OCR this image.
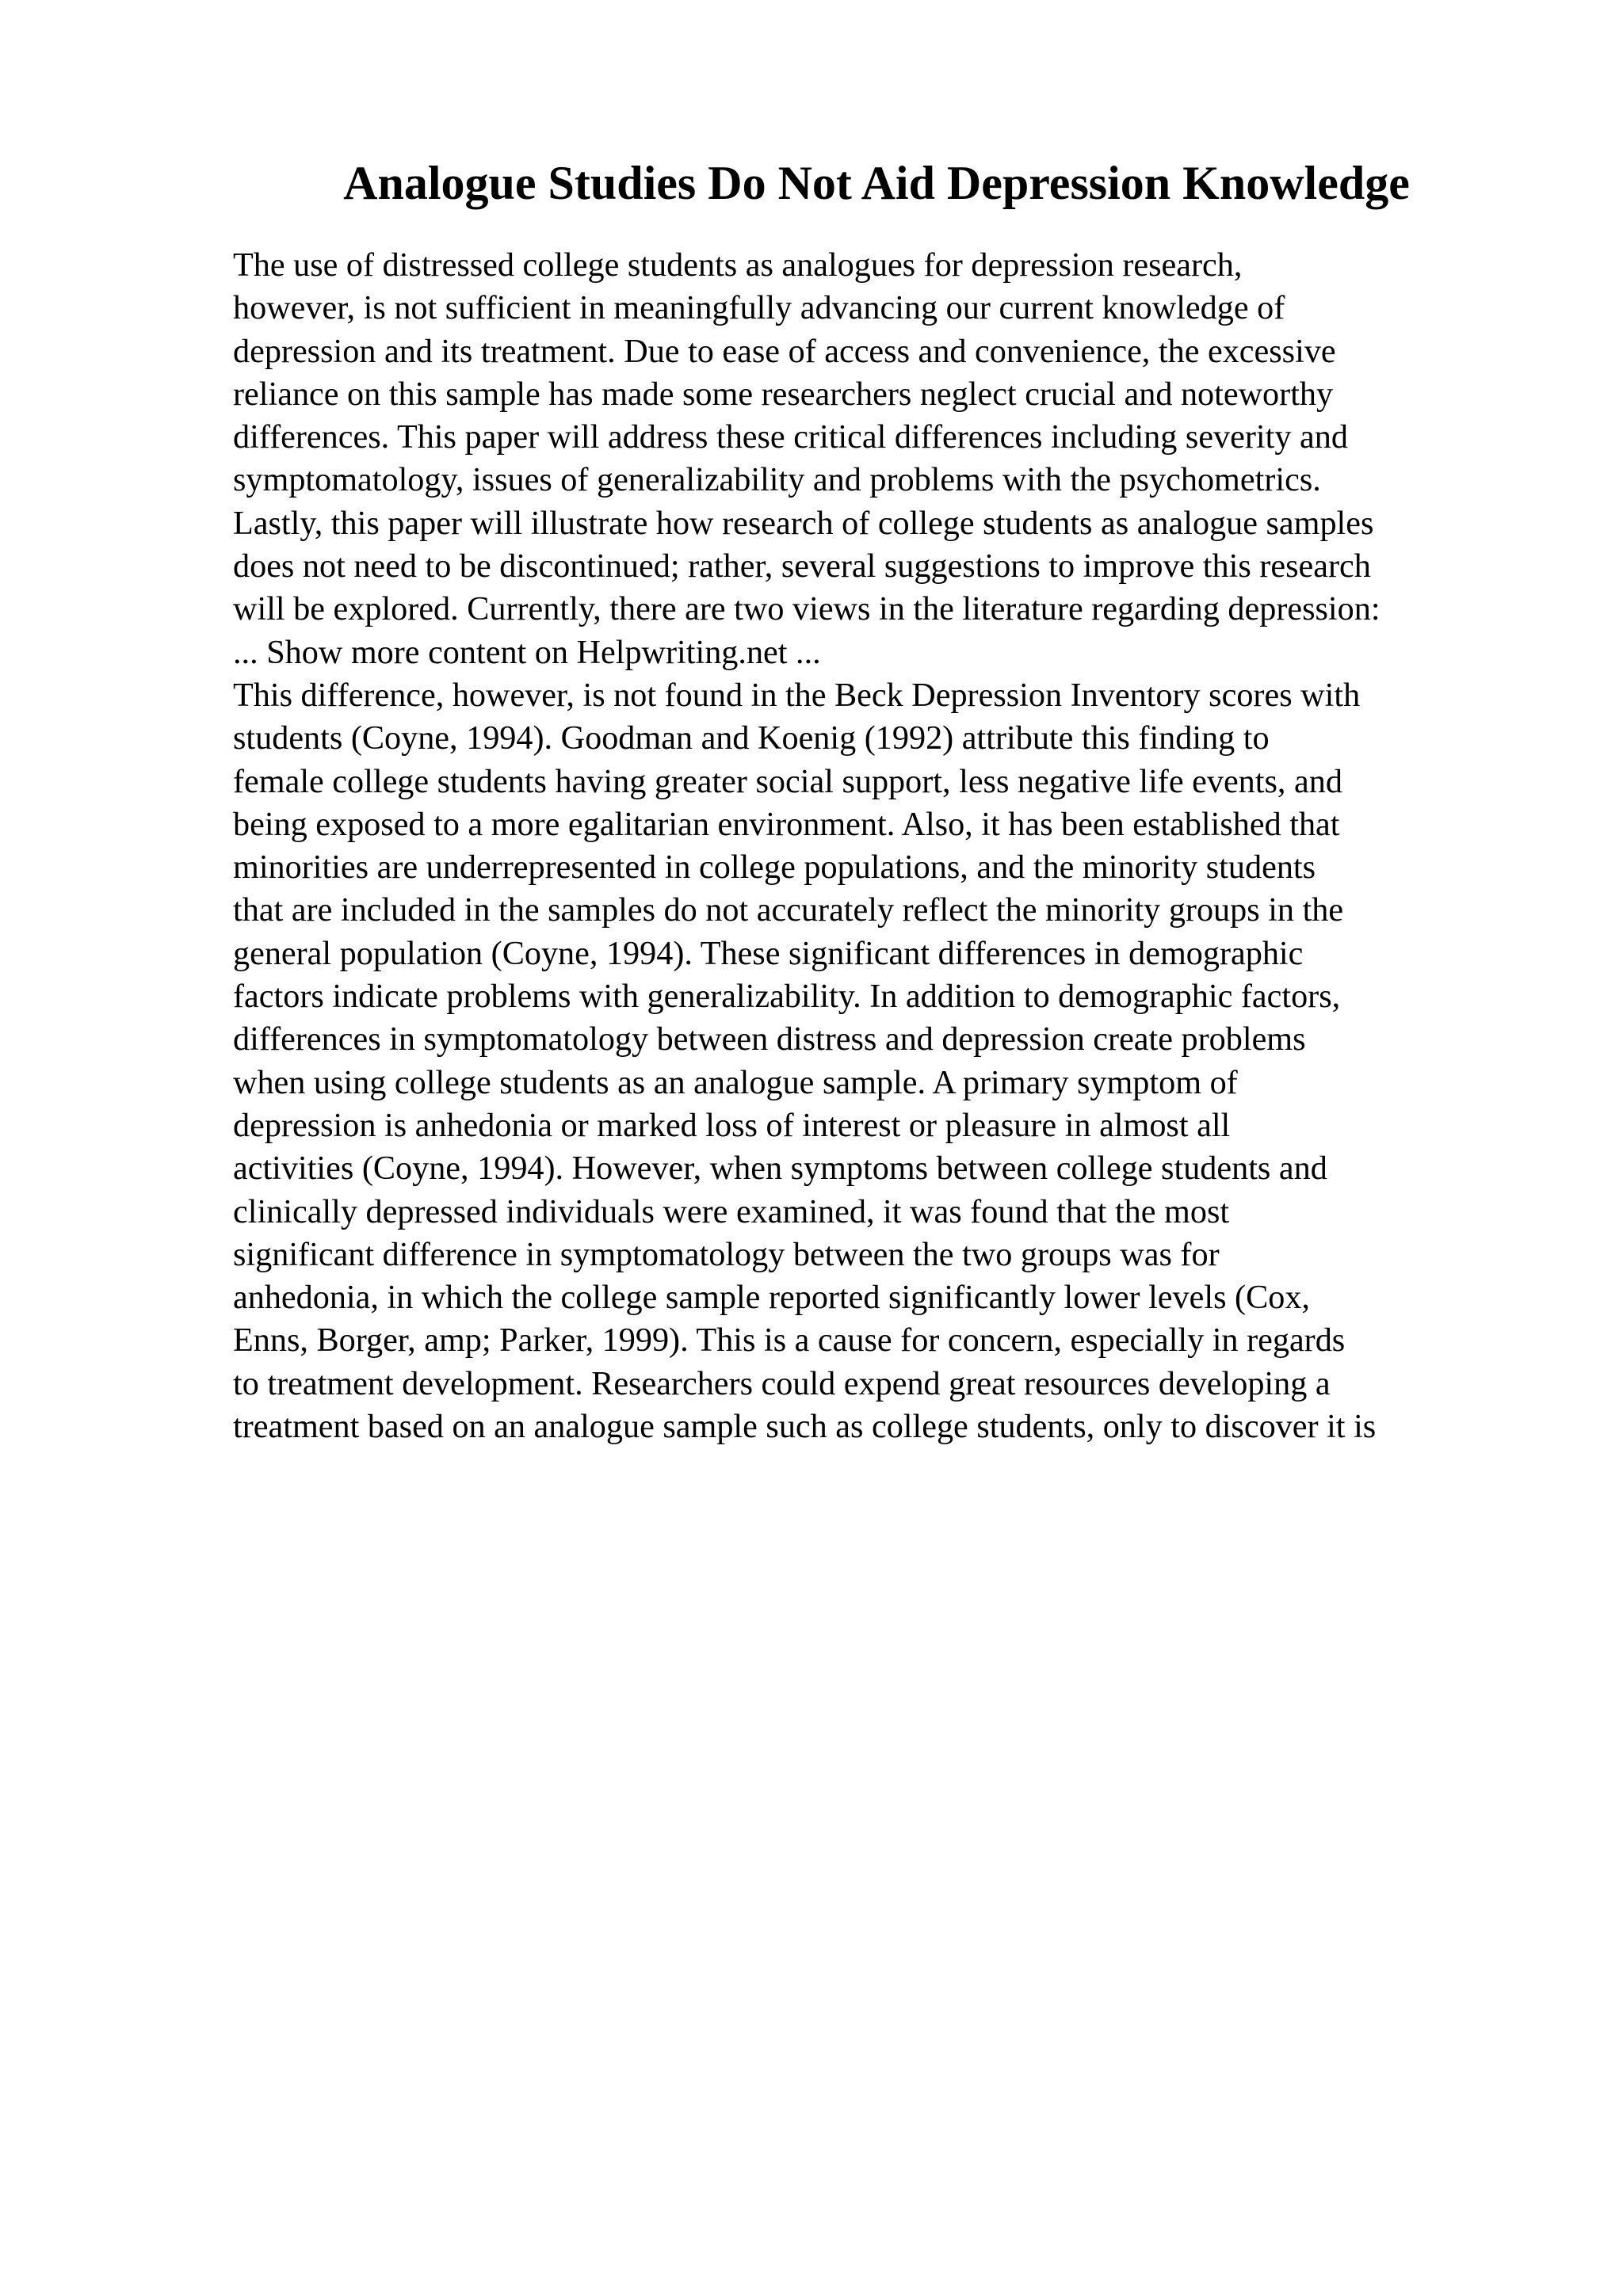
Analogue Studies Do Not Aid Depression Knowledge
The use of distressed college students as analogues for depression research,
however, is not sufficient in meaningfully advancing our current knowledge of
depression and its treatment. Due to ease of access and convenience, the excessive
reliance on this sample has made some researchers neglect crucial and noteworthy
differences. This paper will address these critical differences including severity and
symptomatology, issues of generalizability and problems with the psychometrics.
Lastly, this paper will illustrate how research of college students as analogue samples
does not need to be discontinued; rather, several suggestions to improve this research
will be explored. Currently, there are two views in the literature regarding depression:
... Show more content on Helpwriting.net ...
This difference, however, is not found in the Beck Depression Inventory scores with
students (Coyne, 1994). Goodman and Koenig (1992) attribute this finding to
female college students having greater social support, less negative life events, and
being exposed to a more egalitarian environment. Also, it has been established that
minorities are underrepresented in college populations, and the minority students
that are included in the samples do not accurately reflect the minority groups in the
general population (Coyne, 1994). These significant differences in demographic
factors indicate problems with generalizability. In addition to demographic factors,
differences in symptomatology between distress and depression create problems
when using college students as an analogue sample. A primary symptom of
depression is anhedonia or marked loss of interest or pleasure in almost all
activities (Coyne, 1994). However, when symptoms between college students and
clinically depressed individuals were examined, it was found that the most
significant difference in symptomatology between the two groups was for
anhedonia, in which the college sample reported significantly lower levels (Cox,
Enns, Borger, amp; Parker, 1999). This is a cause for concern, especially in regards
to treatment development. Researchers could expend great resources developing a
treatment based on an analogue sample such as college students, only to discover it is
